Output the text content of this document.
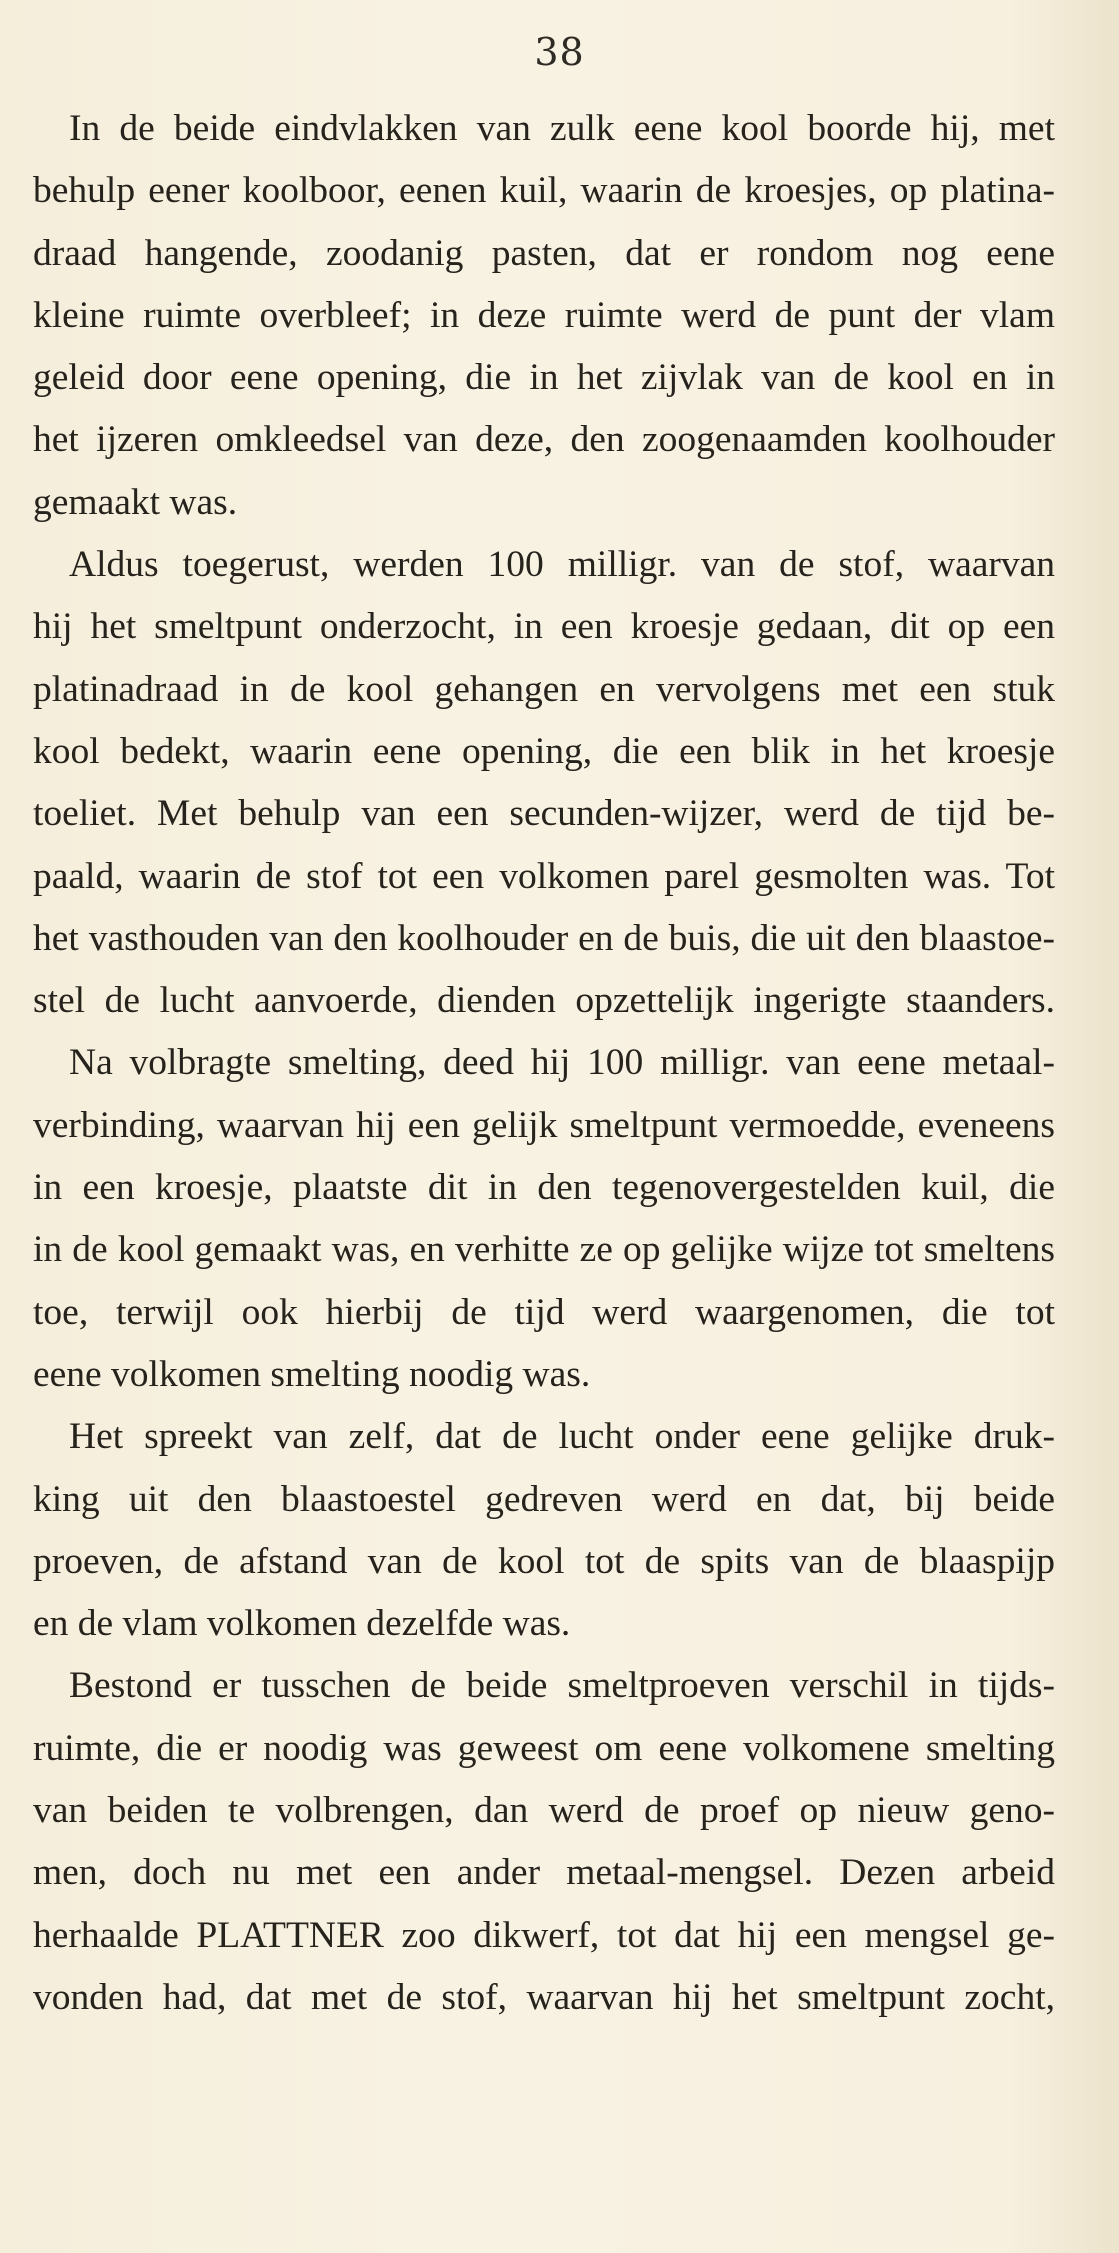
38

In de beide eindvlakken van zulk eene kool boorde hij, met
behulp eener koolboor, eenen kuil, waarin de kroesjes, op platina-
draad hangende, zoodanig pasten, dat er rondom nog eene
kleine ruimte overbleef; in deze ruimte werd de punt der vlam
geleid door eene opening, die in het zijvlak van de kool en in
het ijzeren omkleedsel van deze, den zoogenaamden koolhouder
gemaakt was.

Aldus toegerust, werden 100 milligr. van de stof, waarvan
hij het smeltpunt onderzocht, in een kroesje gedaan, dit op een
platinadraad in de kool gehangen en vervolgens met een stuk
kool bedekt, waarin eene opening, die een blik in het kroesje
toeliet. Met behulp van een secunden-wijzer, werd de tijd be-
paald, waarin de stof tot een volkomen parel gesmolten was. Tot
het vasthouden van den koolhouder en de buis, die uit den blaastoe-
stel de lucht aanvoerde, dienden opzettelijk ingerigte staanders.

Na volbragte smelting, deed hij 100 milligr. van eene metaal-
verbinding, waarvan hij een gelijk smeltpunt vermoedde, eveneens
in een kroesje, plaatste dit in den tegenovergestelden kuil, die
in de kool gemaakt was, en verhitte ze op gelijke wijze tot smeltens
toe, terwijl ook hierbij de tijd werd waargenomen, die tot
eene volkomen smelting noodig was.

Het spreekt van zelf, dat de lucht onder eene gelijke druk-
king uit den blaastoestel gedreven werd en dat, bij beide
proeven, de afstand van de kool tot de spits van de blaaspijp
en de vlam volkomen dezelfde was.

Bestond er tusschen de beide smeltproeven verschil in tijds-
ruimte, die er noodig was geweest om eene volkomene smelting
van beiden te volbrengen, dan werd de proef op nieuw geno-
men, doch nu met een ander metaal-mengsel. Dezen arbeid
herhaalde PLATTNER zoo dikwerf, tot dat hij een mengsel ge-
vonden had, dat met de stof, waarvan hij het smeltpunt zocht,
